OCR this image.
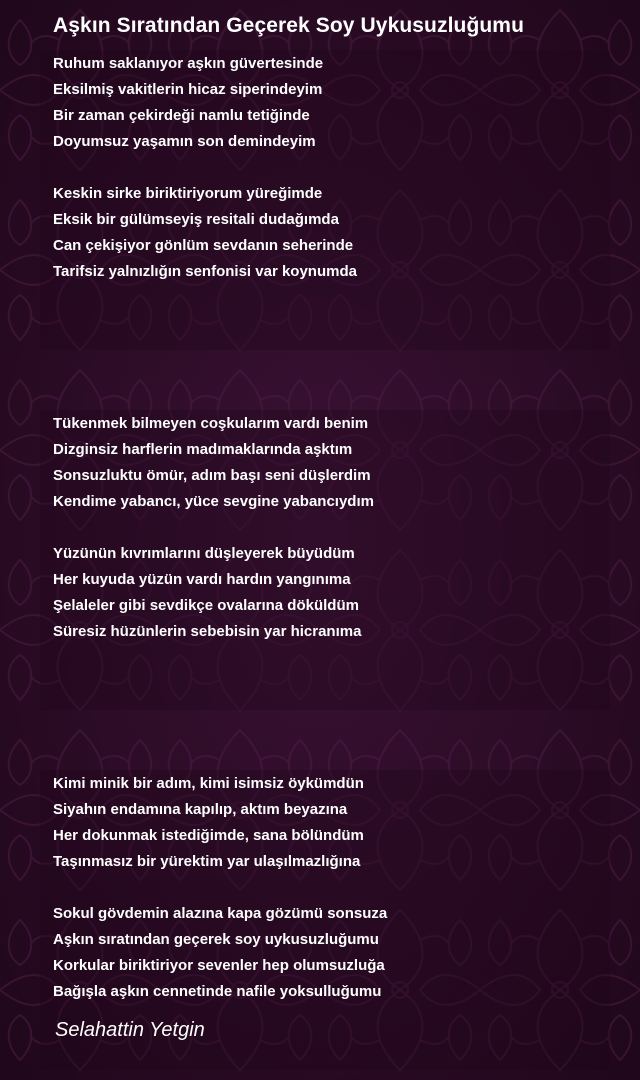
Aşkın Sıratından Geçerek Soy Uykusuzluğumu
Ruhum saklanıyor aşkın güvertesinde
Eksilmiş vakitlerin hicaz siperindeyim
Bir zaman çekirdeği namlu tetiğinde
Doyumsuz yaşamın son demindeyim
Keskin sirke biriktiriyorum yüreğimde
Eksik bir gülümseyiş resitali dudağımda
Can çekişiyor gönlüm sevdanın seherinde
Tarifsiz yalnızlığın senfonisi var koynumda
Tükenmek bilmeyen coşkularım vardı benim
Dizginsiz harflerin madımaklarında aşktım
Sonsuzluktu ömür, adım başı seni düşlerdim
Kendime yabancı, yüce sevgine yabancıydım
Yüzünün kıvrımlarını düşleyerek büyüdüm
Her kuyuda yüzün vardı hardın yangınıma
Şelaleler gibi sevdikçe ovalarına döküldüm
Süresiz hüzünlerin sebebisin yar hicranıma
Kimi minik bir adım, kimi isimsiz öykümdün
Siyahın endamına kapılıp, aktım beyazına
Her dokunmak istediğimde, sana bölündüm
Taşınmasız bir yürektim yar ulaşılmazlığına
Sokul gövdemin alazına kapa gözümü sonsuza
Aşkın sıratından geçerek soy uykusuzluğumu
Korkular biriktiriyor sevenler hep olumsuzluğa
Bağışla aşkın cennetinde nafile yoksulluğumu
Selahattin Yetgin
